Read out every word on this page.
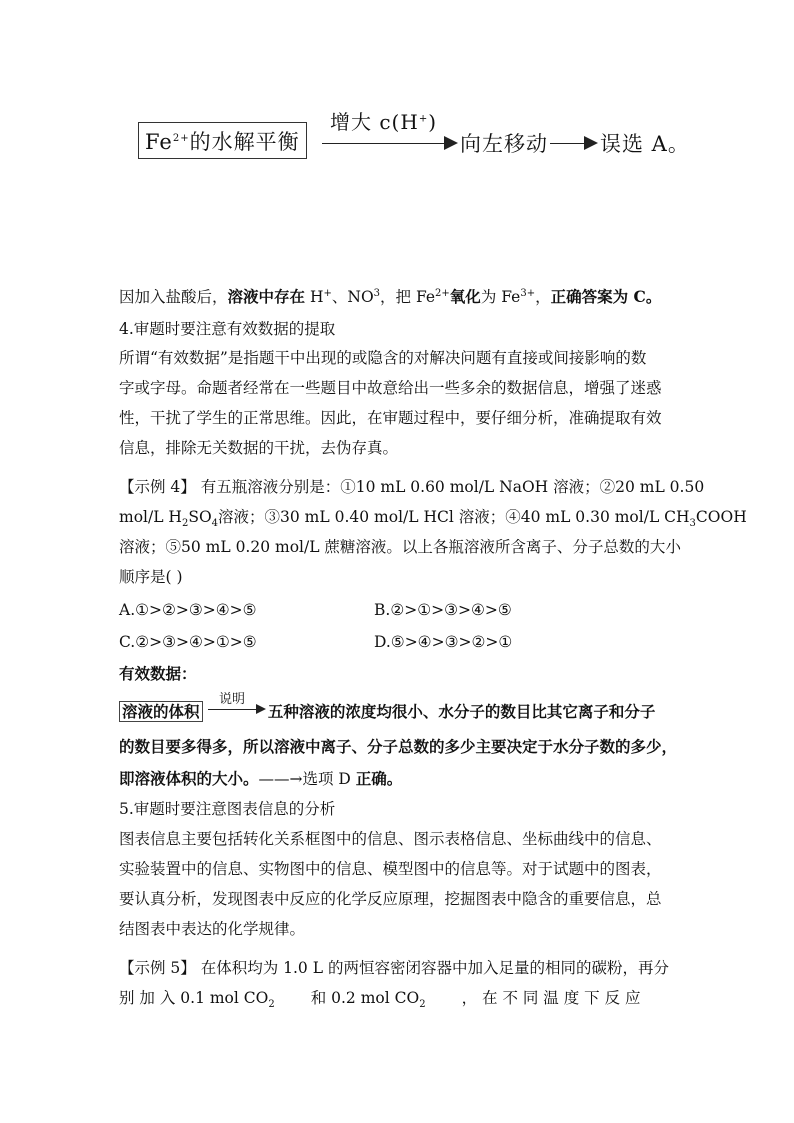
$Fe^{2+}$的水解平衡
增大 c(H+)
向左移动 误选 A。
因加入盐酸后，溶液中存在 H+、$NO^3$，把 $Fe^{2+}$氧化为 $Fe^{3+}$，正确答案为 C。
4.审题时要注意有效数据的提取
所谓“有效数据”是指题干中出现的或隐含的对解决问题有直接或间接影响的数
字或字母。命题者经常在一些题目中故意给出一些多余的数据信息，增强了迷惑
性，干扰了学生的正常思维。因此，在审题过程中，要仔细分析，准确提取有效
信息，排除无关数据的干扰，去伪存真。
【示例 4】 有五瓶溶液分别是：①10 mL 0.60 mol/L NaOH 溶液；②20 mL 0.50
mol/L $H_2SO_4$溶液；③30 mL 0.40 mol/L HCl 溶液；④40 mL 0.30 mol/L $CH_3COOH$
溶液；⑤50 mL 0.20 mol/L 蔗糖溶液。以上各瓶溶液所含离子、分子总数的大小
顺序是( )
A.①>②>③>④>⑤	B.②>①>③>④>⑤
C.②>③>④>①>⑤	D.⑤>④>③>②>①
有效数据：
说明
溶液的体积	五种溶液的浓度均很小、水分子的数目比其它离子和分子
的数目要多得多，所以溶液中离子、分子总数的多少主要决定于水分子数的多少，
即溶液体积的大小。——→选项 D 正确。
5.审题时要注意图表信息的分析
图表信息主要包括转化关系框图中的信息、图示表格信息、坐标曲线中的信息、
实验装置中的信息、实物图中的信息、模型图中的信息等。对于试题中的图表，
要认真分析，发现图表中反应的化学反应原理，挖掘图表中隐含的重要信息，总
结图表中表达的化学规律。
【示例 5】 在体积均为 1.0 L 的两恒容密闭容器中加入足量的相同的碳粉，再分
别 加 入 0.1 mol $CO_2$ 和 0.2 mol $CO_2$ ， 在 不 同 温 度 下 反 应
